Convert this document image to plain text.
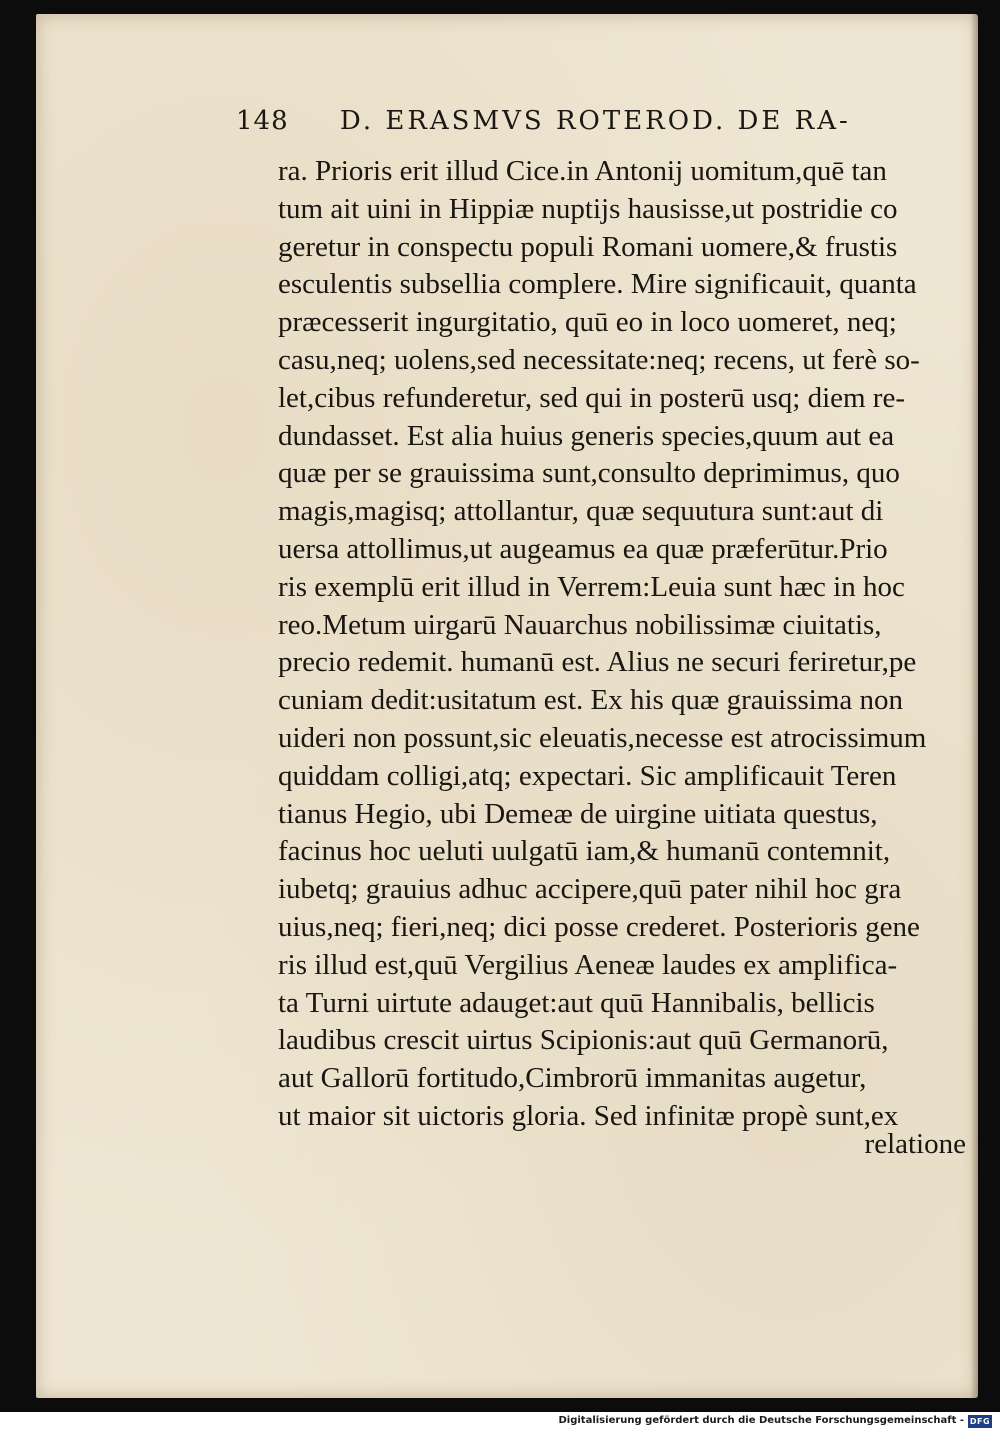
148 D. ERASMVS ROTEROD. DE RA-
ra. Prioris erit illud Cice.in Antonij uomitum,quē tan
tum ait uini in Hippiæ nuptijs hausisse,ut postridie co
geretur in conspectu populi Romani uomere,& frustis
esculentis subsellia complere. Mire significauit, quanta
præcesserit ingurgitatio, quū eo in loco uomeret, neq;
casu,neq; uolens,sed necessitate:neq; recens, ut ferè so-
let,cibus refunderetur, sed qui in posterū usq; diem re-
dundasset. Est alia huius generis species,quum aut ea
quæ per se grauissima sunt,consulto deprimimus, quo
magis,magisq; attollantur, quæ sequutura sunt:aut di
uersa attollimus,ut augeamus ea quæ præferūtur.Prio
ris exemplū erit illud in Verrem:Leuia sunt hæc in hoc
reo.Metum uirgarū Nauarchus nobilissimæ ciuitatis,
precio redemit. humanū est. Alius ne securi feriretur,pe
cuniam dedit:usitatum est. Ex his quæ grauissima non
uideri non possunt,sic eleuatis,necesse est atrocissimum
quiddam colligi,atq; expectari. Sic amplificauit Teren
tianus Hegio, ubi Demeæ de uirgine uitiata questus,
facinus hoc ueluti uulgatū iam,& humanū contemnit,
iubetq; grauius adhuc accipere,quū pater nihil hoc gra
uius,neq; fieri,neq; dici posse crederet. Posterioris gene
ris illud est,quū Vergilius Aeneæ laudes ex amplifica-
ta Turni uirtute adauget:aut quū Hannibalis, bellicis
laudibus crescit uirtus Scipionis:aut quū Germanorū,
aut Gallorū fortitudo,Cimbrorū immanitas augetur,
ut maior sit uictoris gloria. Sed infinitæ propè sunt,ex
relatione
Digitalisierung gefördert durch die Deutsche Forschungsgemeinschaft - DFG
